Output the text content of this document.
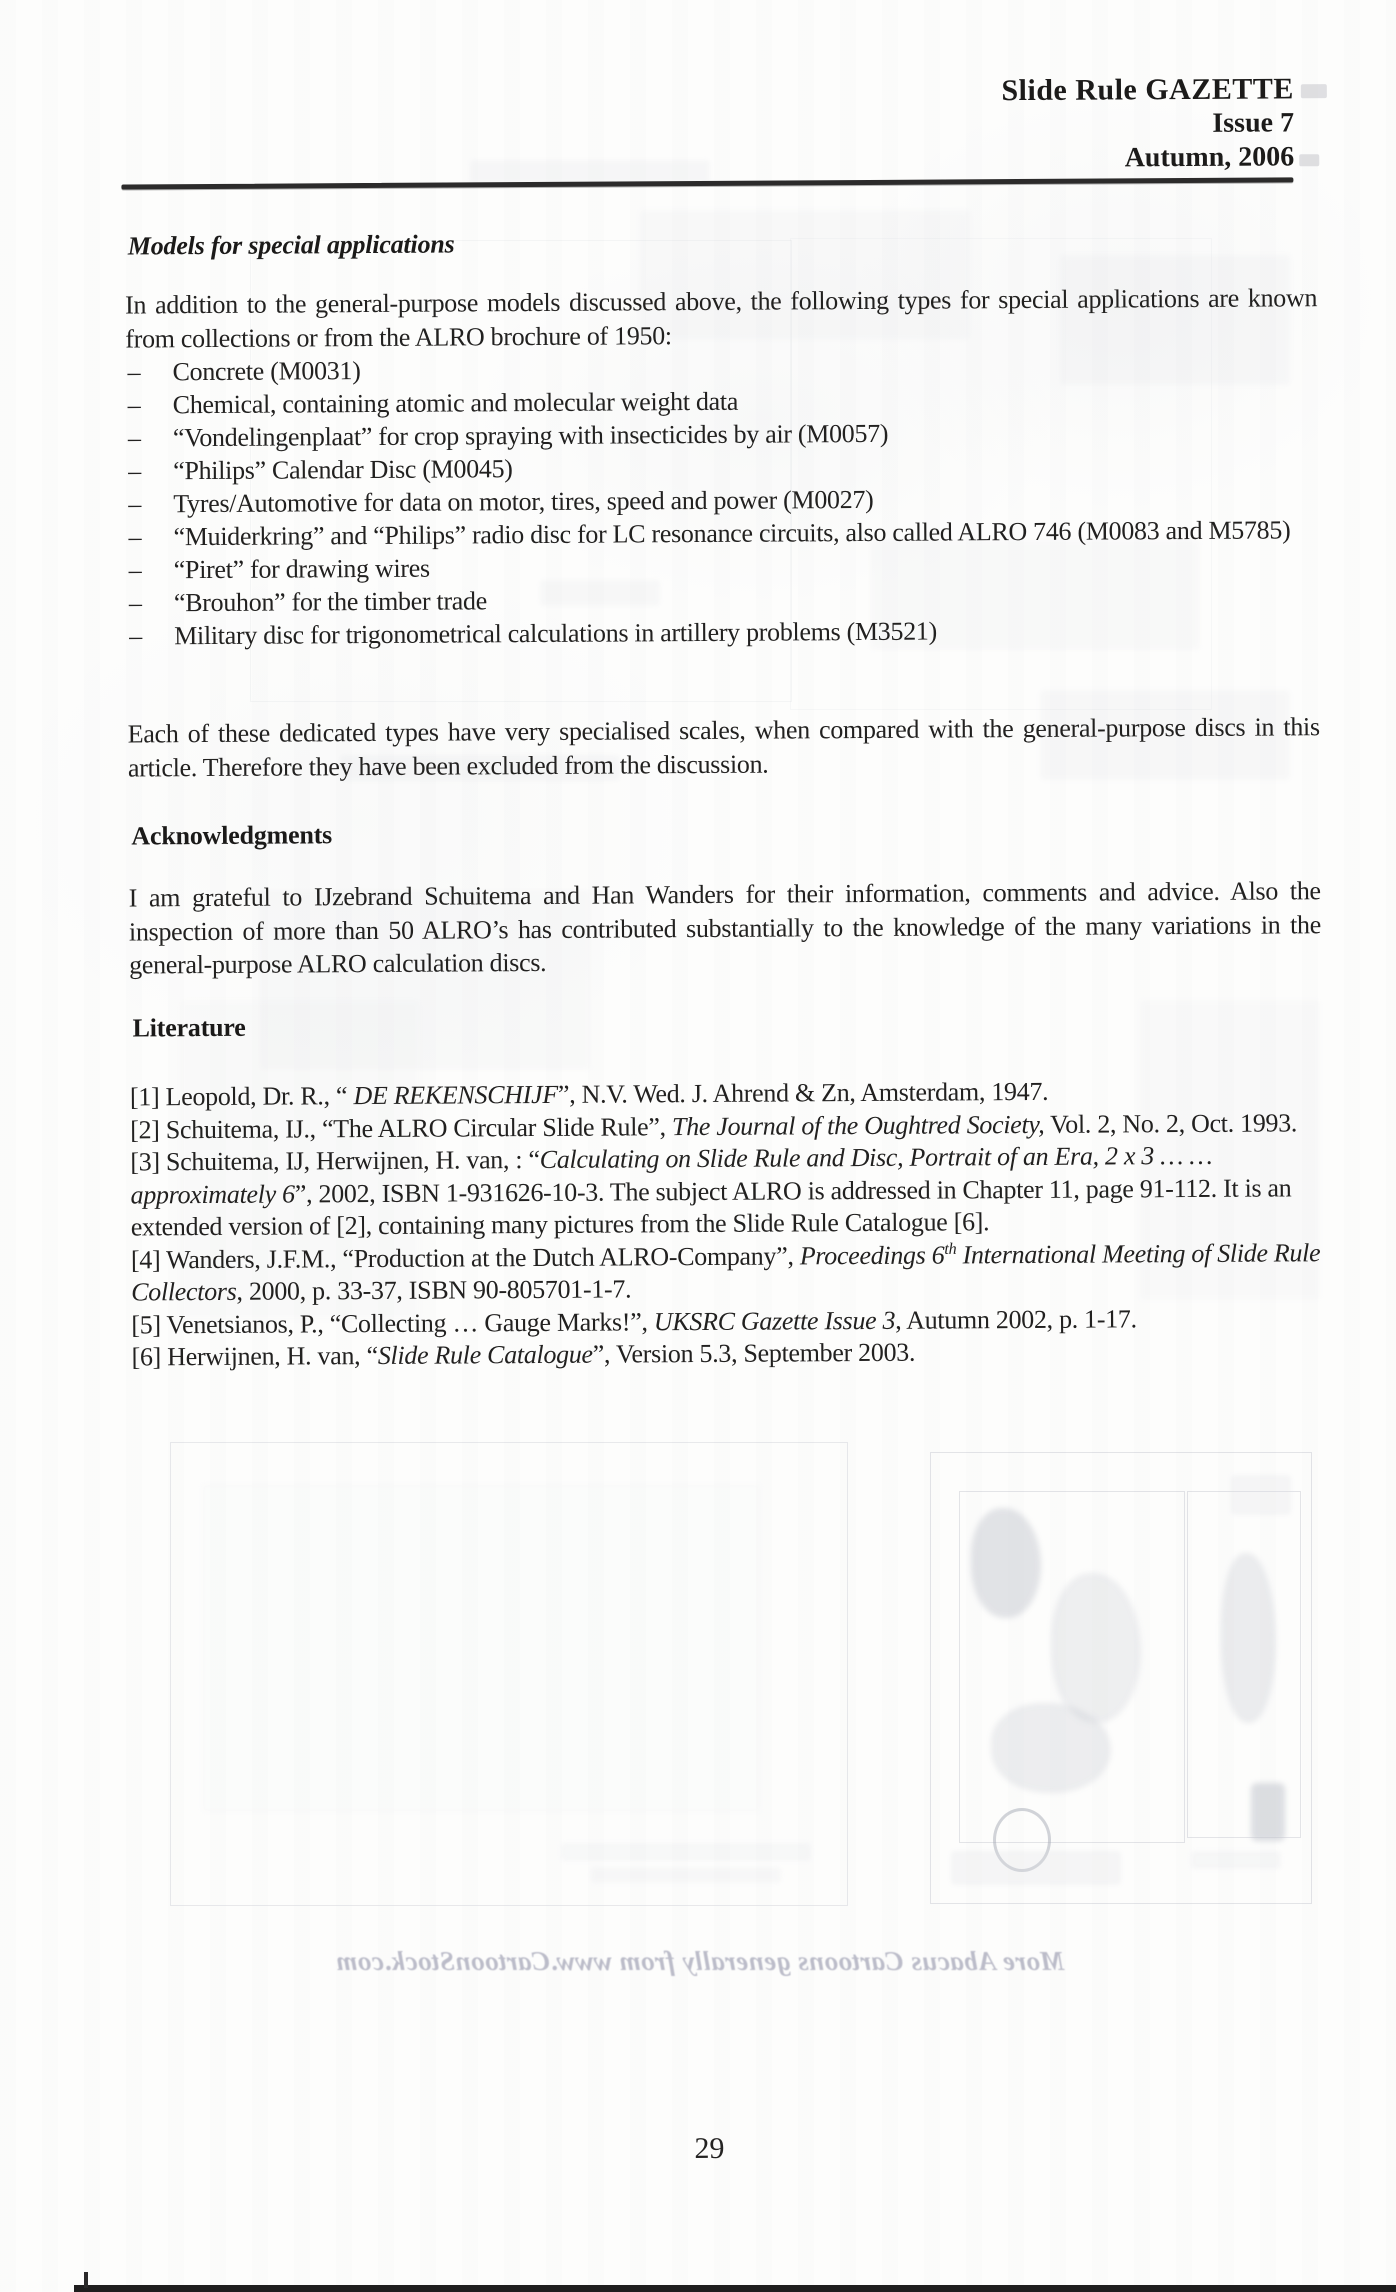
More Abacus Cartoons generally from www.CartoonStock.com
Slide Rule GAZETTE
Issue 7
Autumn, 2006
Models for special applications
In addition to the general-purpose models discussed above, the following types for special applications are known from collections or from the ALRO brochure of 1950:
– Concrete (M0031)
– Chemical, containing atomic and molecular weight data
– “Vondelingenplaat” for crop spraying with insecticides by air (M0057)
– “Philips” Calendar Disc (M0045)
– Tyres/Automotive for data on motor, tires, speed and power (M0027)
– “Muiderkring” and “Philips” radio disc for LC resonance circuits, also called ALRO 746 (M0083 and M5785)
– “Piret” for drawing wires
– “Brouhon” for the timber trade
– Military disc for trigonometrical calculations in artillery problems (M3521)
Each of these dedicated types have very specialised scales, when compared with the general-purpose discs in this article. Therefore they have been excluded from the discussion.
Acknowledgments
I am grateful to IJzebrand Schuitema and Han Wanders for their information, comments and advice. Also the inspection of more than 50 ALRO’s has contributed substantially to the knowledge of the many variations in the general-purpose ALRO calculation discs.
Literature

[1] Leopold, Dr. R., “ DE REKENSCHIJF”, N.V. Wed. J. Ahrend & Zn, Amsterdam, 1947.

[2] Schuitema, IJ., “The ALRO Circular Slide Rule”, The Journal of the Oughtred Society, Vol. 2, No. 2, Oct. 1993.

[3] Schuitema, IJ, Herwijnen, H. van, : “Calculating on Slide Rule and Disc, Portrait of an Era, 2 x 3 … … approximately 6”, 2002, ISBN 1-931626-10-3. The subject ALRO is addressed in Chapter 11, page 91-112. It is an extended version of [2], containing many pictures from the Slide Rule Catalogue [6].

[4] Wanders, J.F.M., “Production at the Dutch ALRO-Company”, Proceedings 6th International Meeting of Slide Rule Collectors, 2000, p. 33-37, ISBN 90-805701-1-7.

[5] Venetsianos, P., “Collecting … Gauge Marks!”, UKSRC Gazette Issue 3, Autumn 2002, p. 1-17.

[6] Herwijnen, H. van, “Slide Rule Catalogue”, Version 5.3, September 2003.

29
